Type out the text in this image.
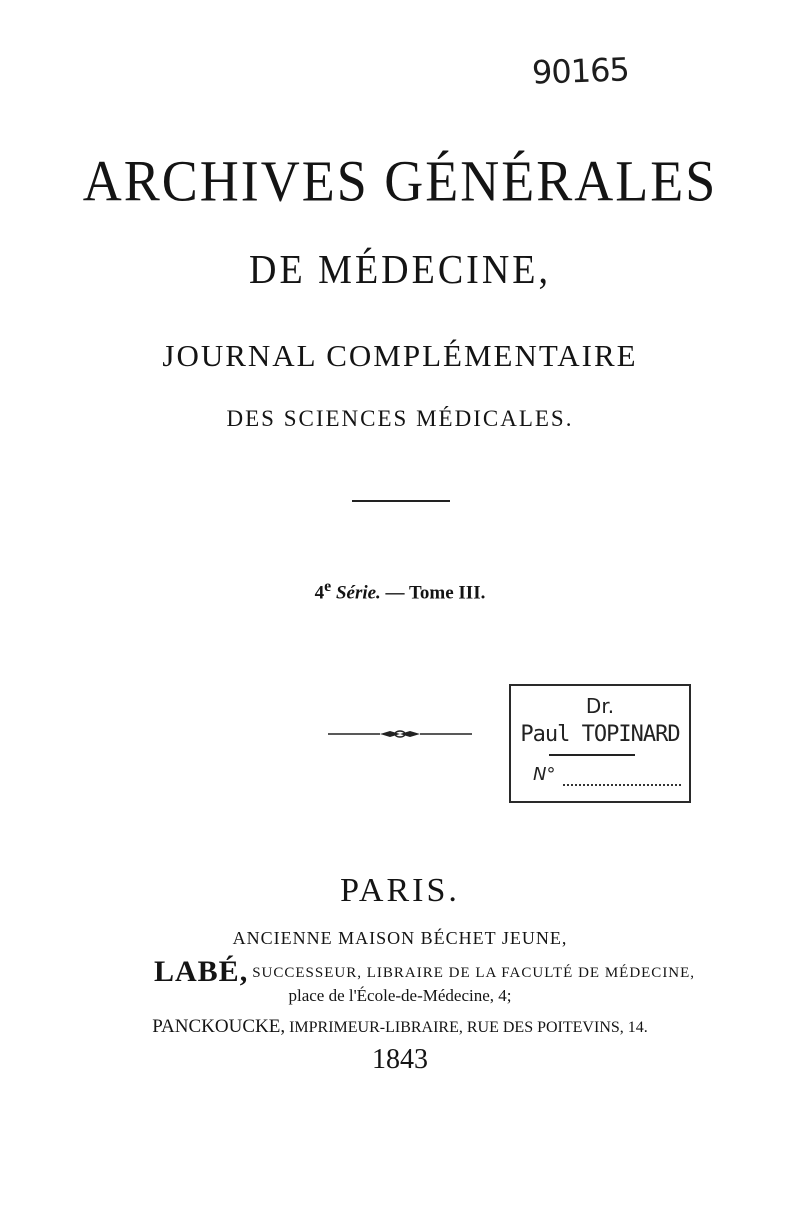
90165
ARCHIVES GÉNÉRALES
DE MÉDECINE,
JOURNAL COMPLÉMENTAIRE
DES SCIENCES MÉDICALES.
4e Série. — Tome III.
Dr.
Paul TOPINARD
N°
PARIS.
ANCIENNE MAISON BÉCHET JEUNE,
LABÉ, SUCCESSEUR, LIBRAIRE DE LA FACULTÉ DE MÉDECINE,
place de l'École-de-Médecine, 4;
PANCKOUCKE, IMPRIMEUR-LIBRAIRE, RUE DES POITEVINS, 14.
1843
